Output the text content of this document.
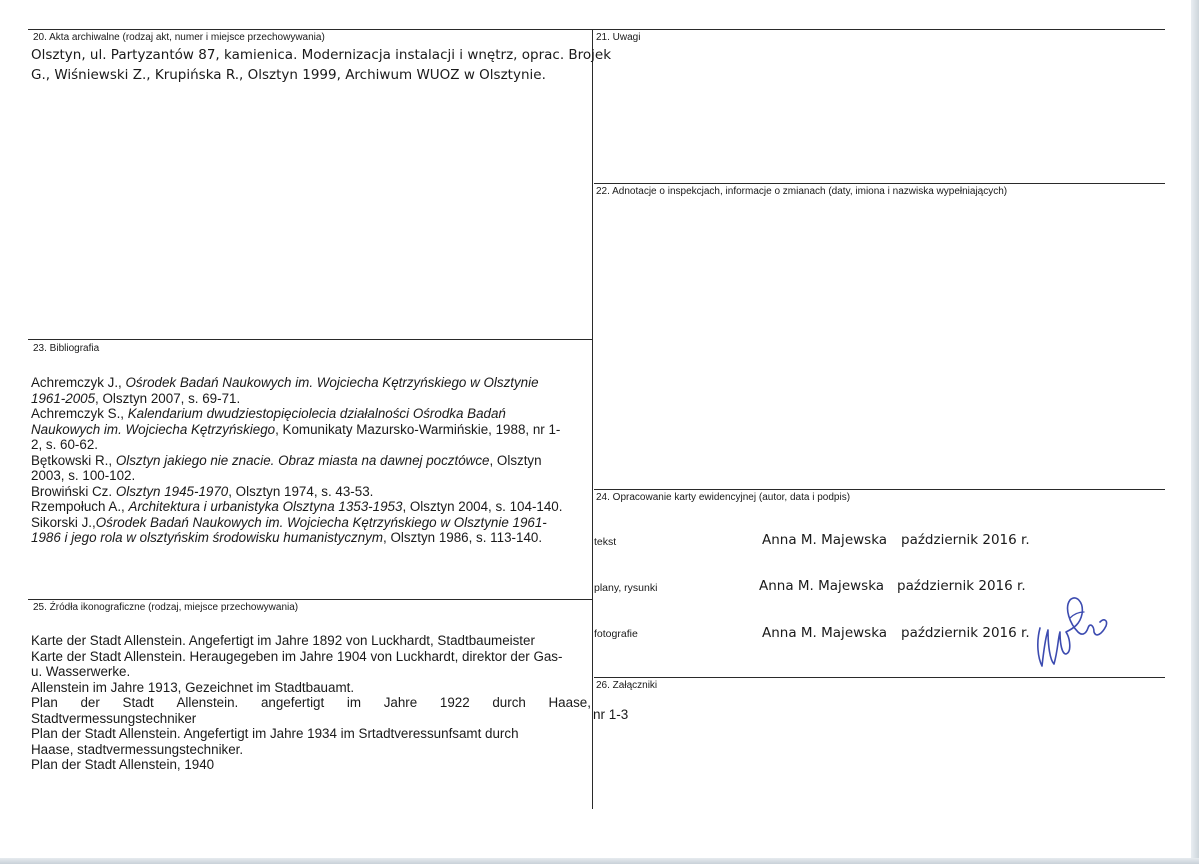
20. Akta archiwalne (rodzaj akt, numer i miejsce przechowywania)
Olsztyn, ul. Partyzantów 87, kamienica. Modernizacja instalacji i wnętrz, oprac. Brojek
G., Wiśniewski Z., Krupińska R., Olsztyn 1999, Archiwum WUOZ w Olsztynie.
21. Uwagi
22. Adnotacje o inspekcjach, informacje o zmianach (daty, imiona i nazwiska wypełniających)
23. Bibliografia
Achremczyk J., Ośrodek Badań Naukowych im. Wojciecha Kętrzyńskiego w Olsztynie
1961-2005, Olsztyn 2007, s. 69-71.
Achremczyk S., Kalendarium dwudziestopięciolecia działalności Ośrodka Badań
Naukowych im. Wojciecha Kętrzyńskiego, Komunikaty Mazursko-Warmińskie, 1988, nr 1-
2, s. 60-62.
Bętkowski R., Olsztyn jakiego nie znacie. Obraz miasta na dawnej pocztówce, Olsztyn
2003, s. 100-102.
Browiński Cz. Olsztyn 1945-1970, Olsztyn 1974, s. 43-53.
Rzempołuch A., Architektura i urbanistyka Olsztyna 1353-1953, Olsztyn 2004, s. 104-140.
Sikorski J.,Ośrodek Badań Naukowych im. Wojciecha Kętrzyńskiego w Olsztynie 1961-
1986 i jego rola w olsztyńskim środowisku humanistycznym, Olsztyn 1986, s. 113-140.
24. Opracowanie karty ewidencyjnej (autor, data i podpis)
tekst	Anna M. Majewska październik 2016 r.
plany, rysunki	Anna M. Majewska październik 2016 r.
fotografie	Anna M. Majewska październik 2016 r.
25. Źródła ikonograficzne (rodzaj, miejsce przechowywania)
Karte der Stadt Allenstein. Angefertigt im Jahre 1892 von Luckhardt, Stadtbaumeister
Karte der Stadt Allenstein. Heraugegeben im Jahre 1904 von Luckhardt, direktor der Gas-
u. Wasserwerke.
Allenstein im Jahre 1913, Gezeichnet im Stadtbauamt.
Plan der Stadt Allenstein. angefertigt im Jahre 1922 durch Haase,
Stadtvermessungstechniker
Plan der Stadt Allenstein. Angefertigt im Jahre 1934 im Srtadtveressunfsamt durch
Haase, stadtvermessungstechniker.
Plan der Stadt Allenstein, 1940
26. Załączniki
nr 1-3
